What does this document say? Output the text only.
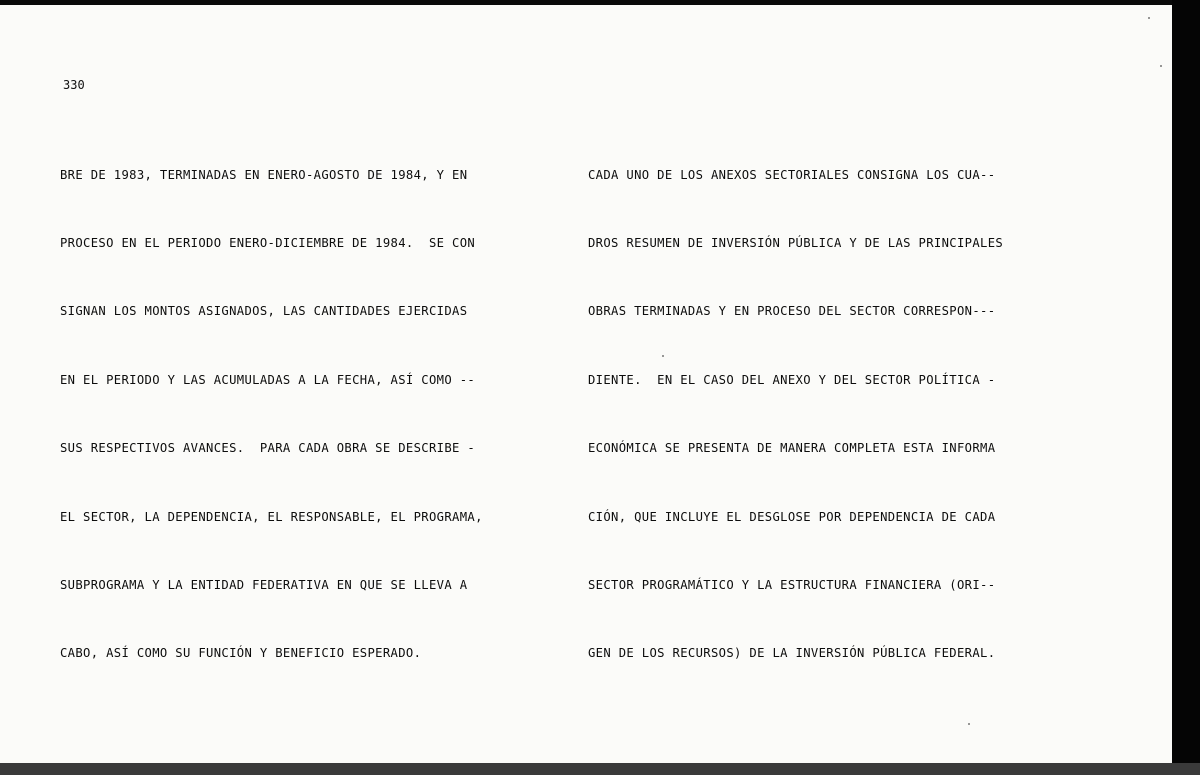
330

BRE DE 1983, TERMINADAS EN ENERO-AGOSTO DE 1984, Y EN

PROCESO EN EL PERIODO ENERO-DICIEMBRE DE 1984.  SE CON

SIGNAN LOS MONTOS ASIGNADOS, LAS CANTIDADES EJERCIDAS

EN EL PERIODO Y LAS ACUMULADAS A LA FECHA, ASÍ COMO --

SUS RESPECTIVOS AVANCES.  PARA CADA OBRA SE DESCRIBE -

EL SECTOR, LA DEPENDENCIA, EL RESPONSABLE, EL PROGRAMA,

SUBPROGRAMA Y LA ENTIDAD FEDERATIVA EN QUE SE LLEVA A

CABO, ASÍ COMO SU FUNCIÓN Y BENEFICIO ESPERADO.

CADA UNO DE LOS ANEXOS SECTORIALES CONSIGNA LOS CUA--

DROS RESUMEN DE INVERSIÓN PÚBLICA Y DE LAS PRINCIPALES

OBRAS TERMINADAS Y EN PROCESO DEL SECTOR CORRESPON---

DIENTE.  EN EL CASO DEL ANEXO Y DEL SECTOR POLÍTICA -

ECONÓMICA SE PRESENTA DE MANERA COMPLETA ESTA INFORMA

CIÓN, QUE INCLUYE EL DESGLOSE POR DEPENDENCIA DE CADA

SECTOR PROGRAMÁTICO Y LA ESTRUCTURA FINANCIERA (ORI--

GEN DE LOS RECURSOS) DE LA INVERSIÓN PÚBLICA FEDERAL.
